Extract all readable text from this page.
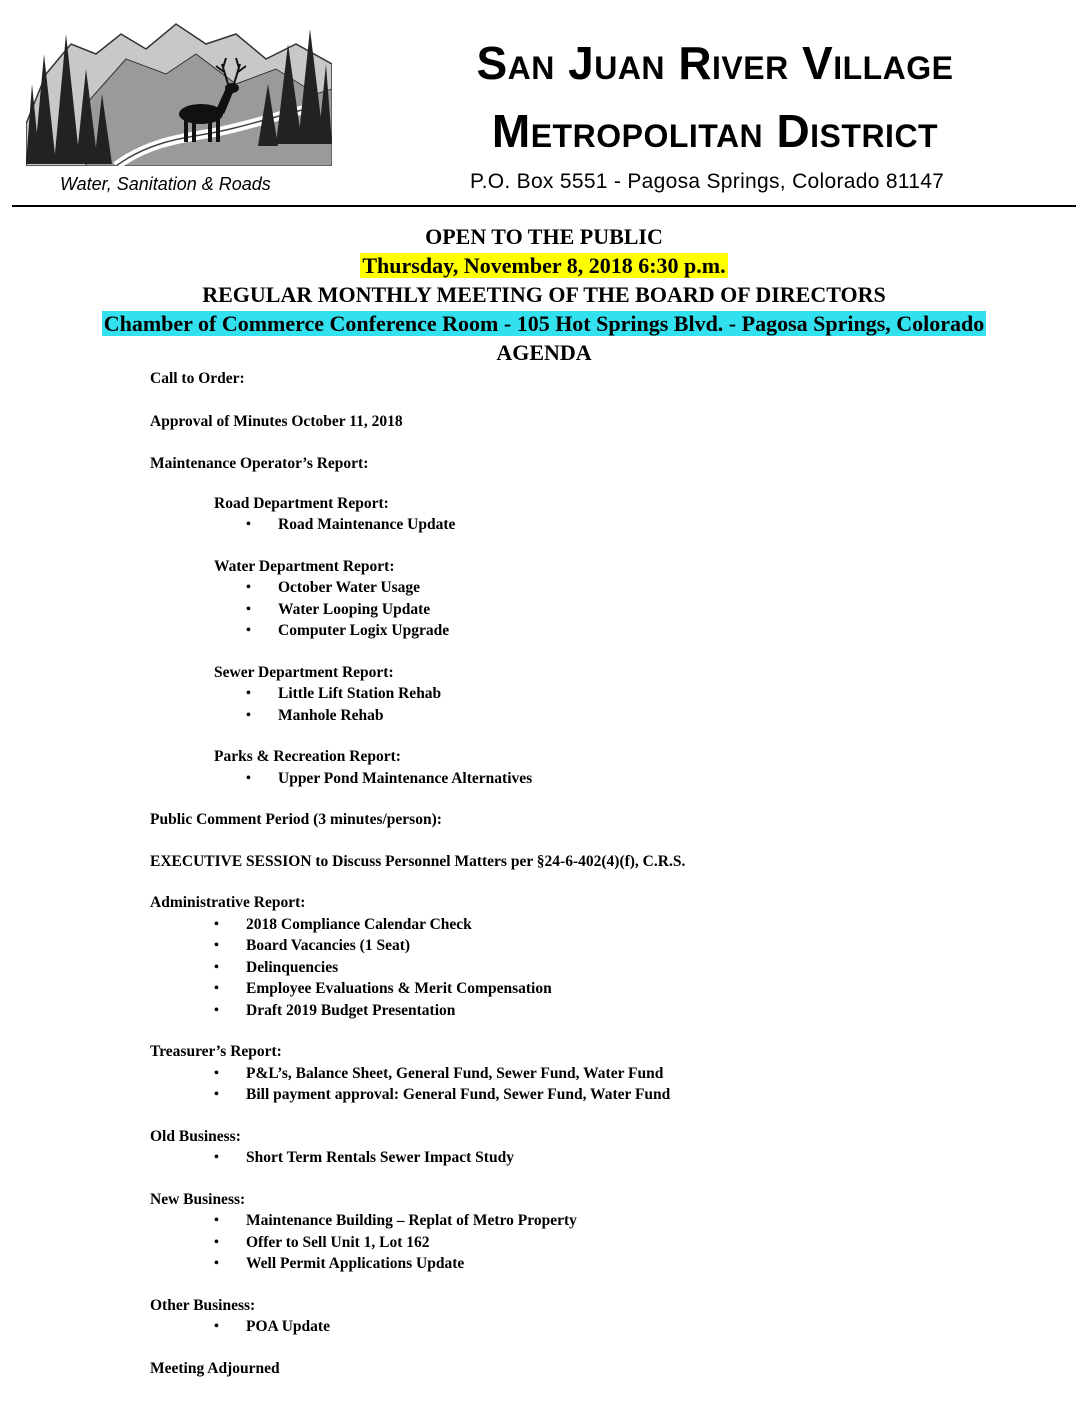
San Juan River Village
Metropolitan District
Water, Sanitation & Roads	P.O. Box 5551 - Pagosa Springs, Colorado 81147
OPEN TO THE PUBLIC
Thursday, November 8, 2018 6:30 p.m.
REGULAR MONTHLY MEETING OF THE BOARD OF DIRECTORS
Chamber of Commerce Conference Room - 105 Hot Springs Blvd. - Pagosa Springs, Colorado
AGENDA
Call to Order:
Approval of Minutes October 11, 2018
Maintenance Operator’s Report:
Road Department Report:
• Road Maintenance Update
Water Department Report:
• October Water Usage
• Water Looping Update
• Computer Logix Upgrade
Sewer Department Report:
• Little Lift Station Rehab
• Manhole Rehab
Parks & Recreation Report:
• Upper Pond Maintenance Alternatives
Public Comment Period (3 minutes/person):
EXECUTIVE SESSION to Discuss Personnel Matters per §24-6-402(4)(f), C.R.S.
Administrative Report:
• 2018 Compliance Calendar Check
• Board Vacancies (1 Seat)
• Delinquencies
• Employee Evaluations & Merit Compensation
• Draft 2019 Budget Presentation
Treasurer’s Report:
• P&L’s, Balance Sheet, General Fund, Sewer Fund, Water Fund
• Bill payment approval: General Fund, Sewer Fund, Water Fund
Old Business:
• Short Term Rentals Sewer Impact Study
New Business:
• Maintenance Building – Replat of Metro Property
• Offer to Sell Unit 1, Lot 162
• Well Permit Applications Update
Other Business:
• POA Update
Meeting Adjourned
